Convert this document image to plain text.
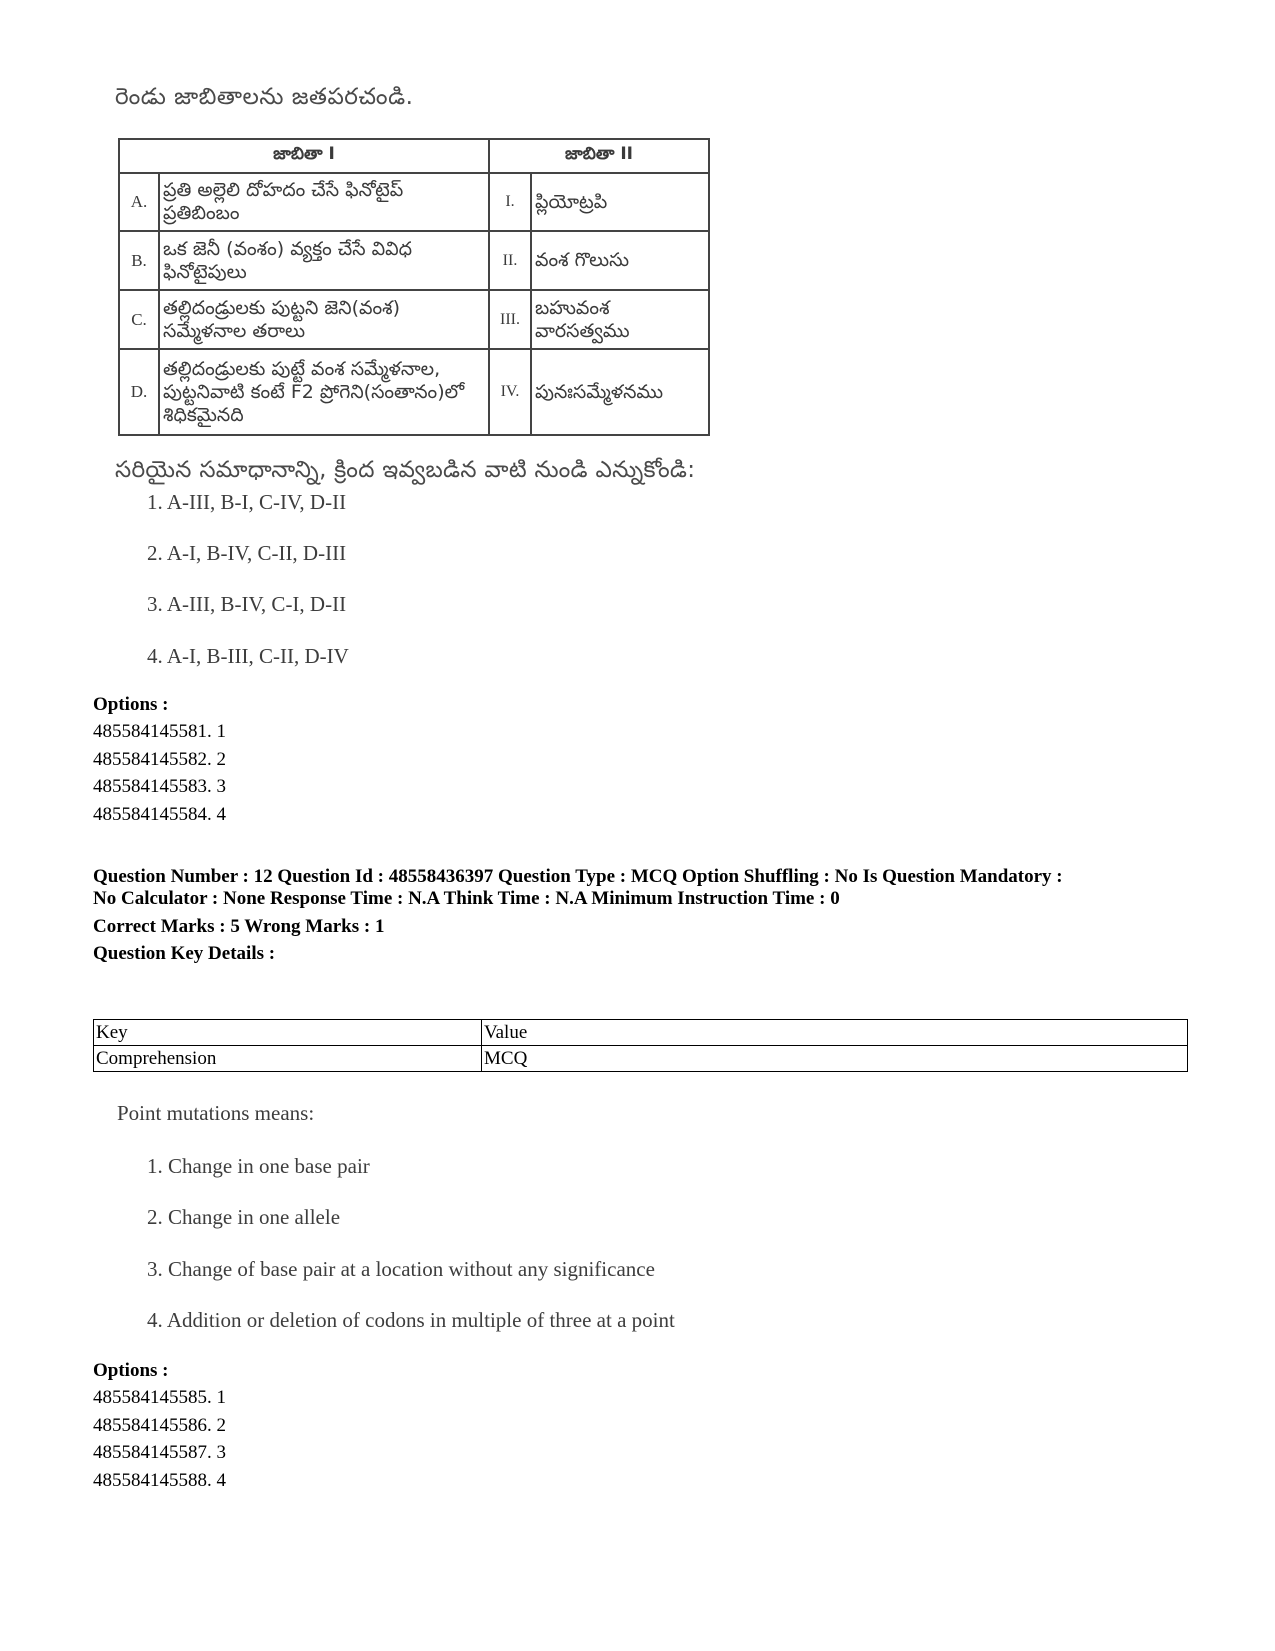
రెండు జాబితాలను జతపరచండి.
జాబితా I		జాబితా II	
A.	ప్రతి అల్లెలి దోహదం చేసే ఫినోటైప్ ప్రతిబింబం	I.	ప్లియోట్రపి
B.	ఒక జెనీ (వంశం) వ్యక్తం చేసే వివిధ ఫినోటైపులు	II.	వంశ గొలుసు
C.	తల్లిదండ్రులకు పుట్టని జెని(వంశ) సమ్మేళనాల తరాలు	III.	బహువంశ వారసత్వము
D.	తల్లిదండ్రులకు పుట్టే వంశ సమ్మేళనాల, పుట్టనివాటి కంటే F2 ప్రోగెని(సంతానం)లో శిధికమైనది	IV.	పునఃసమ్మేళనము
సరియైన సమాధానాన్ని, క్రింద ఇవ్వబడిన వాటి నుండి ఎన్నుకోండి:
1. A-III, B-I, C-IV, D-II
2. A-I, B-IV, C-II, D-III
3. A-III, B-IV, C-I, D-II
4. A-I, B-III, C-II, D-IV
Options :
485584145581. 1
485584145582. 2
485584145583. 3
485584145584. 4
Question Number : 12 Question Id : 48558436397 Question Type : MCQ Option Shuffling : No Is Question Mandatory :
No Calculator : None Response Time : N.A Think Time : N.A Minimum Instruction Time : 0
Correct Marks : 5 Wrong Marks : 1
Question Key Details :
Key	Value
Comprehension	MCQ
Point mutations means:
1. Change in one base pair
2. Change in one allele
3. Change of base pair at a location without any significance
4. Addition or deletion of codons in multiple of three at a point
Options :
485584145585. 1
485584145586. 2
485584145587. 3
485584145588. 4
